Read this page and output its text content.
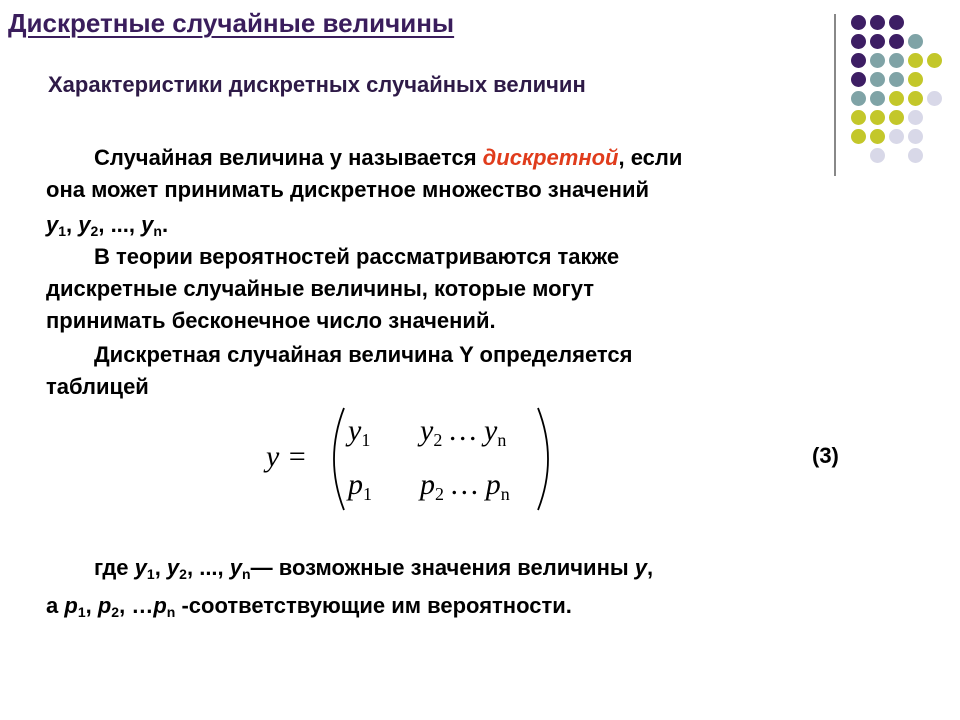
Дискретные случайные величины
Характеристики дискретных случайных величин
Случайная величина у называется дискретной, если
она может принимать дискретное множество значений
$у_1$, $у_2$, ..., $у_n$.
В теории вероятностей рассматриваются также
дискретные случайные величины, которые могут
принимать бесконечное число значений.
Дискретная случайная величина Y определяется
таблицей
y =
$y_1$ $y_2$ … $y_n$
$p_1$ $p_2$ … $p_n$
(3)
где $у_1$, $у_2$, ..., $у_n—$ возможные значения величины у,
а $р_1$, $р_2$, $\dots р_n$ -соответствующие им вероятности.
